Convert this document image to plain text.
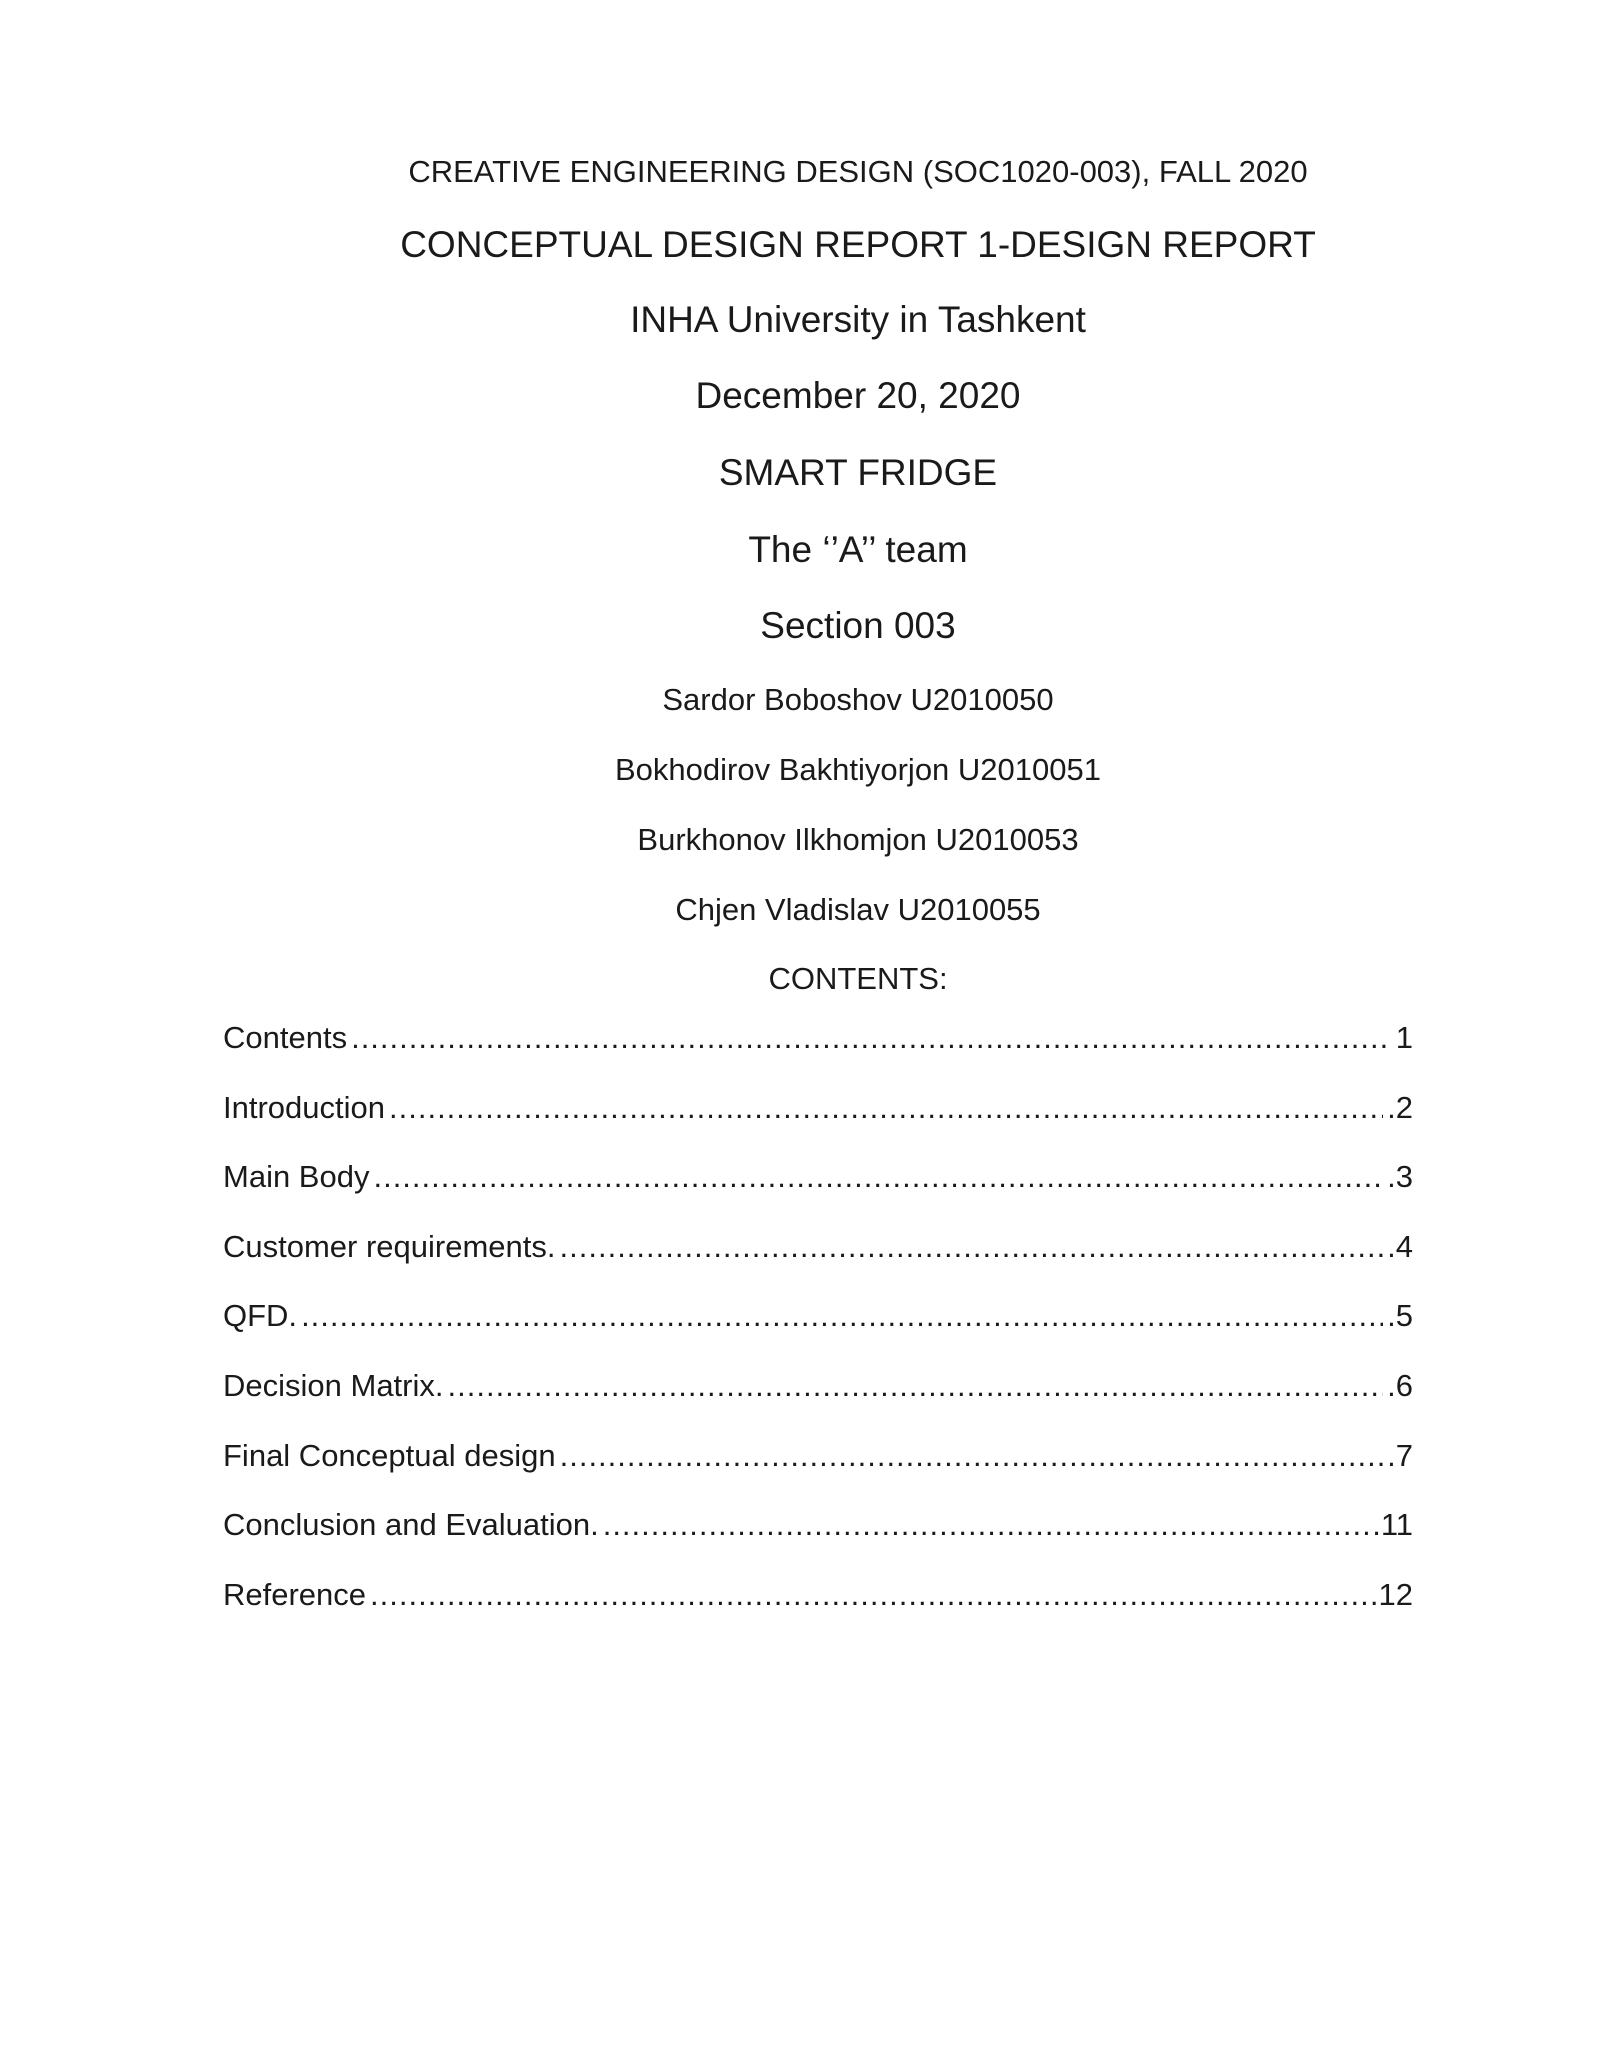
CREATIVE ENGINEERING DESIGN (SOC1020-003), FALL 2020
CONCEPTUAL DESIGN REPORT 1-DESIGN REPORT
INHA University in Tashkent
December 20, 2020
SMART FRIDGE
The ‘’A’’ team
Section 003
Sardor Boboshov U2010050
Bokhodirov Bakhtiyorjon U2010051
Burkhonov Ilkhomjon U2010053
Chjen Vladislav U2010055
CONTENTS:
Contents .....	1
Introduction .....	.2
Main Body .....	.3
Customer requirements. .....	.4
QFD. .....	.5
Decision Matrix. .....	.6
Final Conceptual design .....	.7
Conclusion and Evaluation. .....	.11
Reference .....	.12
